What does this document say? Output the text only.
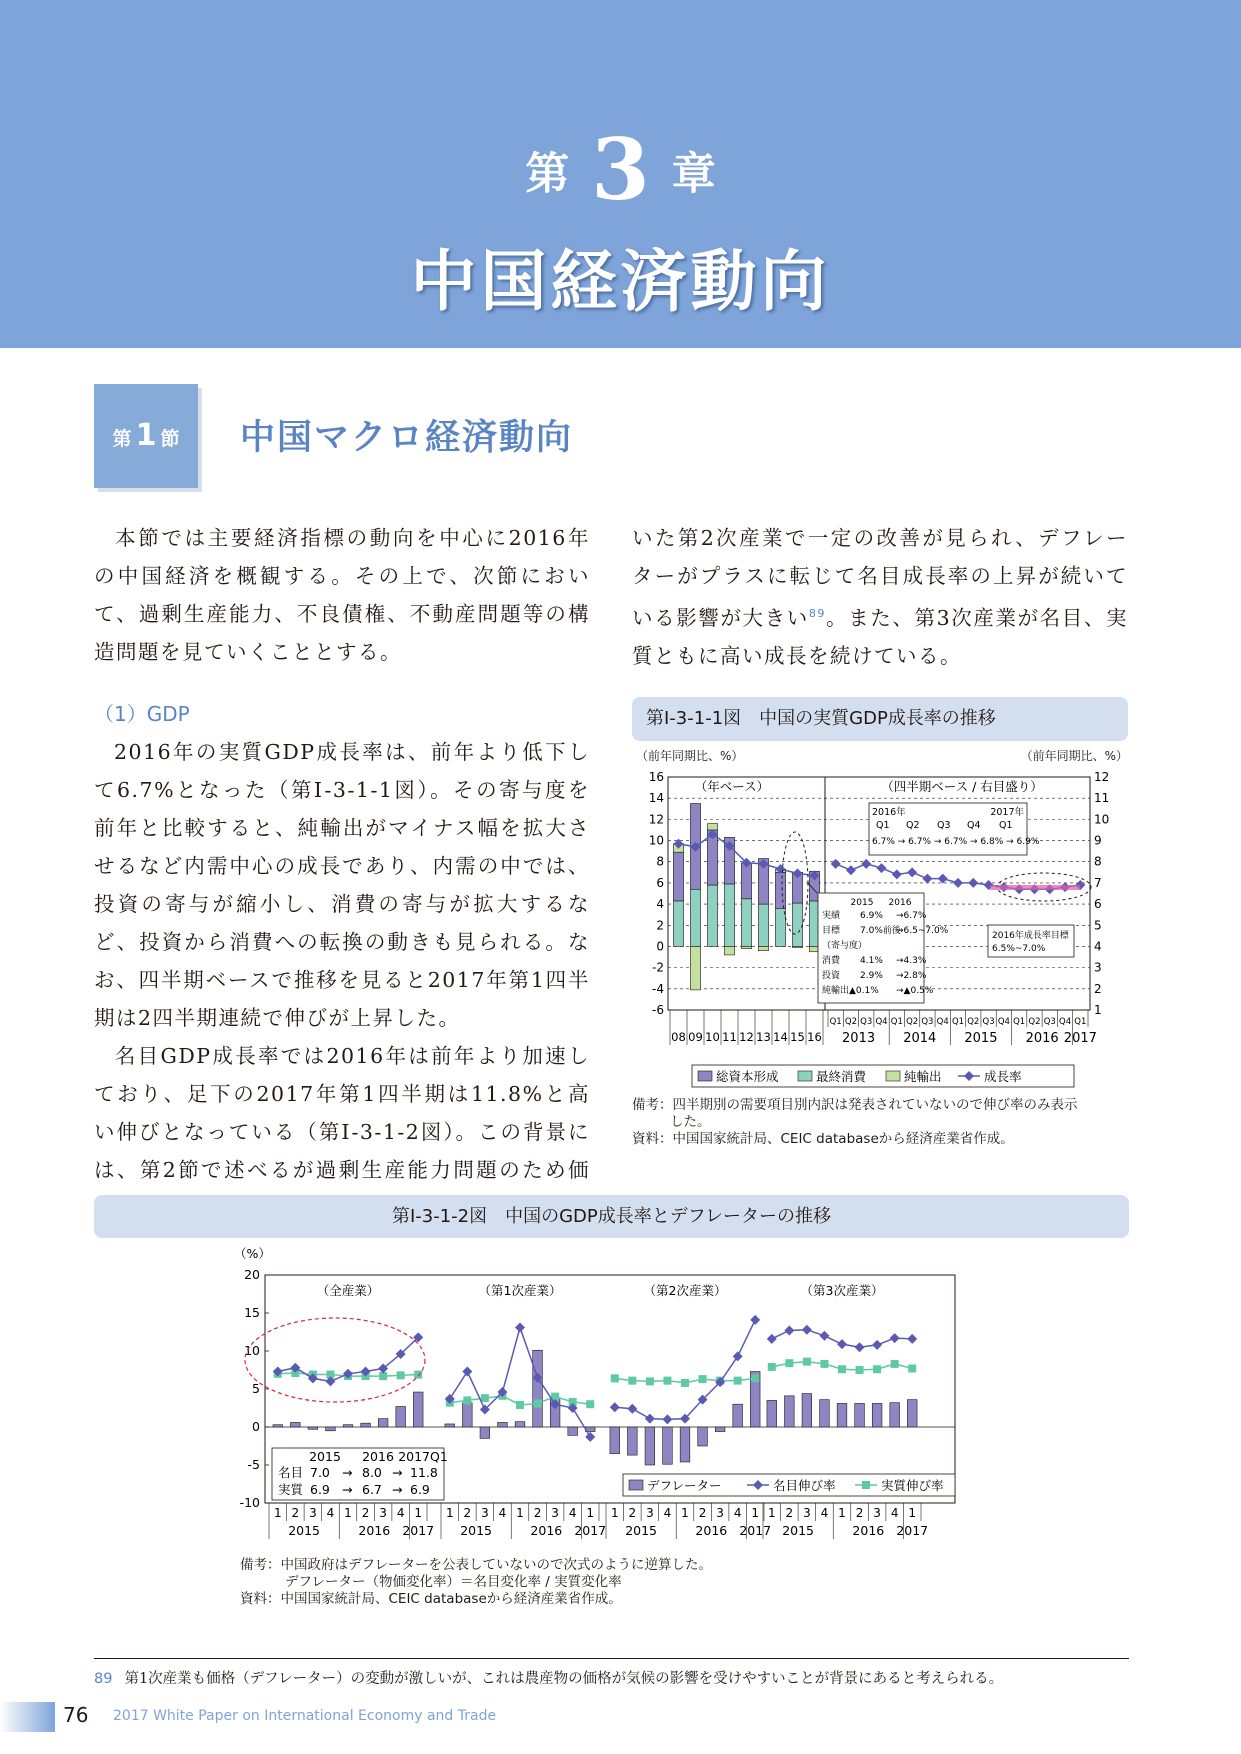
第 3 章
中国経済動向
第 1 節	中国マクロ経済動向
本節では主要経済指標の動向を中心に2016年の中国経済を概観する。その上で、次節において、過剰生産能力、不良債権、不動産問題等の構造問題を見ていくこととする。
いた第2次産業で一定の改善が見られ、デフレーターがプラスに転じて名目成長率の上昇が続いている影響が大きい$^{89}$。また、第3次産業が名目、実質ともに高い成長を続けている。
（1）GDP
2016年の実質GDP成長率は、前年より低下して6.7%となった（第Ⅰ-3-1-1図）。その寄与度を前年と比較すると、純輸出がマイナス幅を拡大させるなど内需中心の成長であり、内需の中では、投資の寄与が縮小し、消費の寄与が拡大するなど、投資から消費への転換の動きも見られる。なお、四半期ベースで推移を見ると2017年第1四半期は2四半期連続で伸びが上昇した。
名目GDP成長率では2016年は前年より加速しており、足下の2017年第1四半期は11.8%と高い伸びとなっている（第Ⅰ-3-1-2図）。この背景には、第2節で述べるが過剰生産能力問題のため価
第Ⅰ-3-1-1図　中国の実質GDP成長率の推移
（前年同期比、%）	（前年同期比、%）
-6
-4
-2
0
2
4
6
8
10
12
14
16
1
2
3
4
5
6
7
8
9
10
11
12
（年ベース）	（四半期ベース / 右目盛り）
2016年	2017年
Q1 Q2 Q3 Q4 Q1
6.7% → 6.7% → 6.7% → 6.8% → 6.9%
2015 2016
実績 6.9% →6.7%
目標 7.0%前後
→6.5~7.0%
（寄与度）
消費 4.1% →4.3%
投資 2.9% →2.8%
純輸出▲0.1% →▲0.5%
2016年成長率目標
6.5%~7.0%
08 09 10 11 12 13 14 15 16
Q1 Q2 Q3 Q4 Q1 Q2 Q3 Q4 Q1 Q2 Q3 Q4 Q1 Q2 Q3 Q4 Q1
2013 2014 2015 2016 2017
総資本形成	最終消費	純輸出	成長率
備考：四半期別の需要項目別内訳は発表されていないので伸び率のみ表示
した。
資料：中国国家統計局、CEIC databaseから経済産業省作成。
第Ⅰ-3-1-2図　中国のGDP成長率とデフレーターの推移
（%）
-10
-5
0
5
10
15
20
（全産業）	（第1次産業）	（第2次産業）	（第3次産業）
2015 2016 2017Q1
名目 7.0 → 8.0 → 11.8
実質 6.9 → 6.7 → 6.9	デフレーター	名目伸び率	実質伸び率
1 2 3 4 1 2 3 4 1
2015	2016 2017
1 2 3 4 1 2 3 4 1
2015	2016 2017
1 2 3 4 1 2 3 4 1
2015	2016 2017
1 2 3 4 1 2 3 4 1
2015	2016 2017
備考：中国政府はデフレーターを公表していないので次式のように逆算した。
デフレーター（物価変化率）＝名目変化率 / 実質変化率
資料：中国国家統計局、CEIC databaseから経済産業省作成。
89 第1次産業も価格（デフレーター）の変動が激しいが、これは農産物の価格が気候の影響を受けやすいことが背景にあると考えられる。
76 2017 White Paper on International Economy and Trade
